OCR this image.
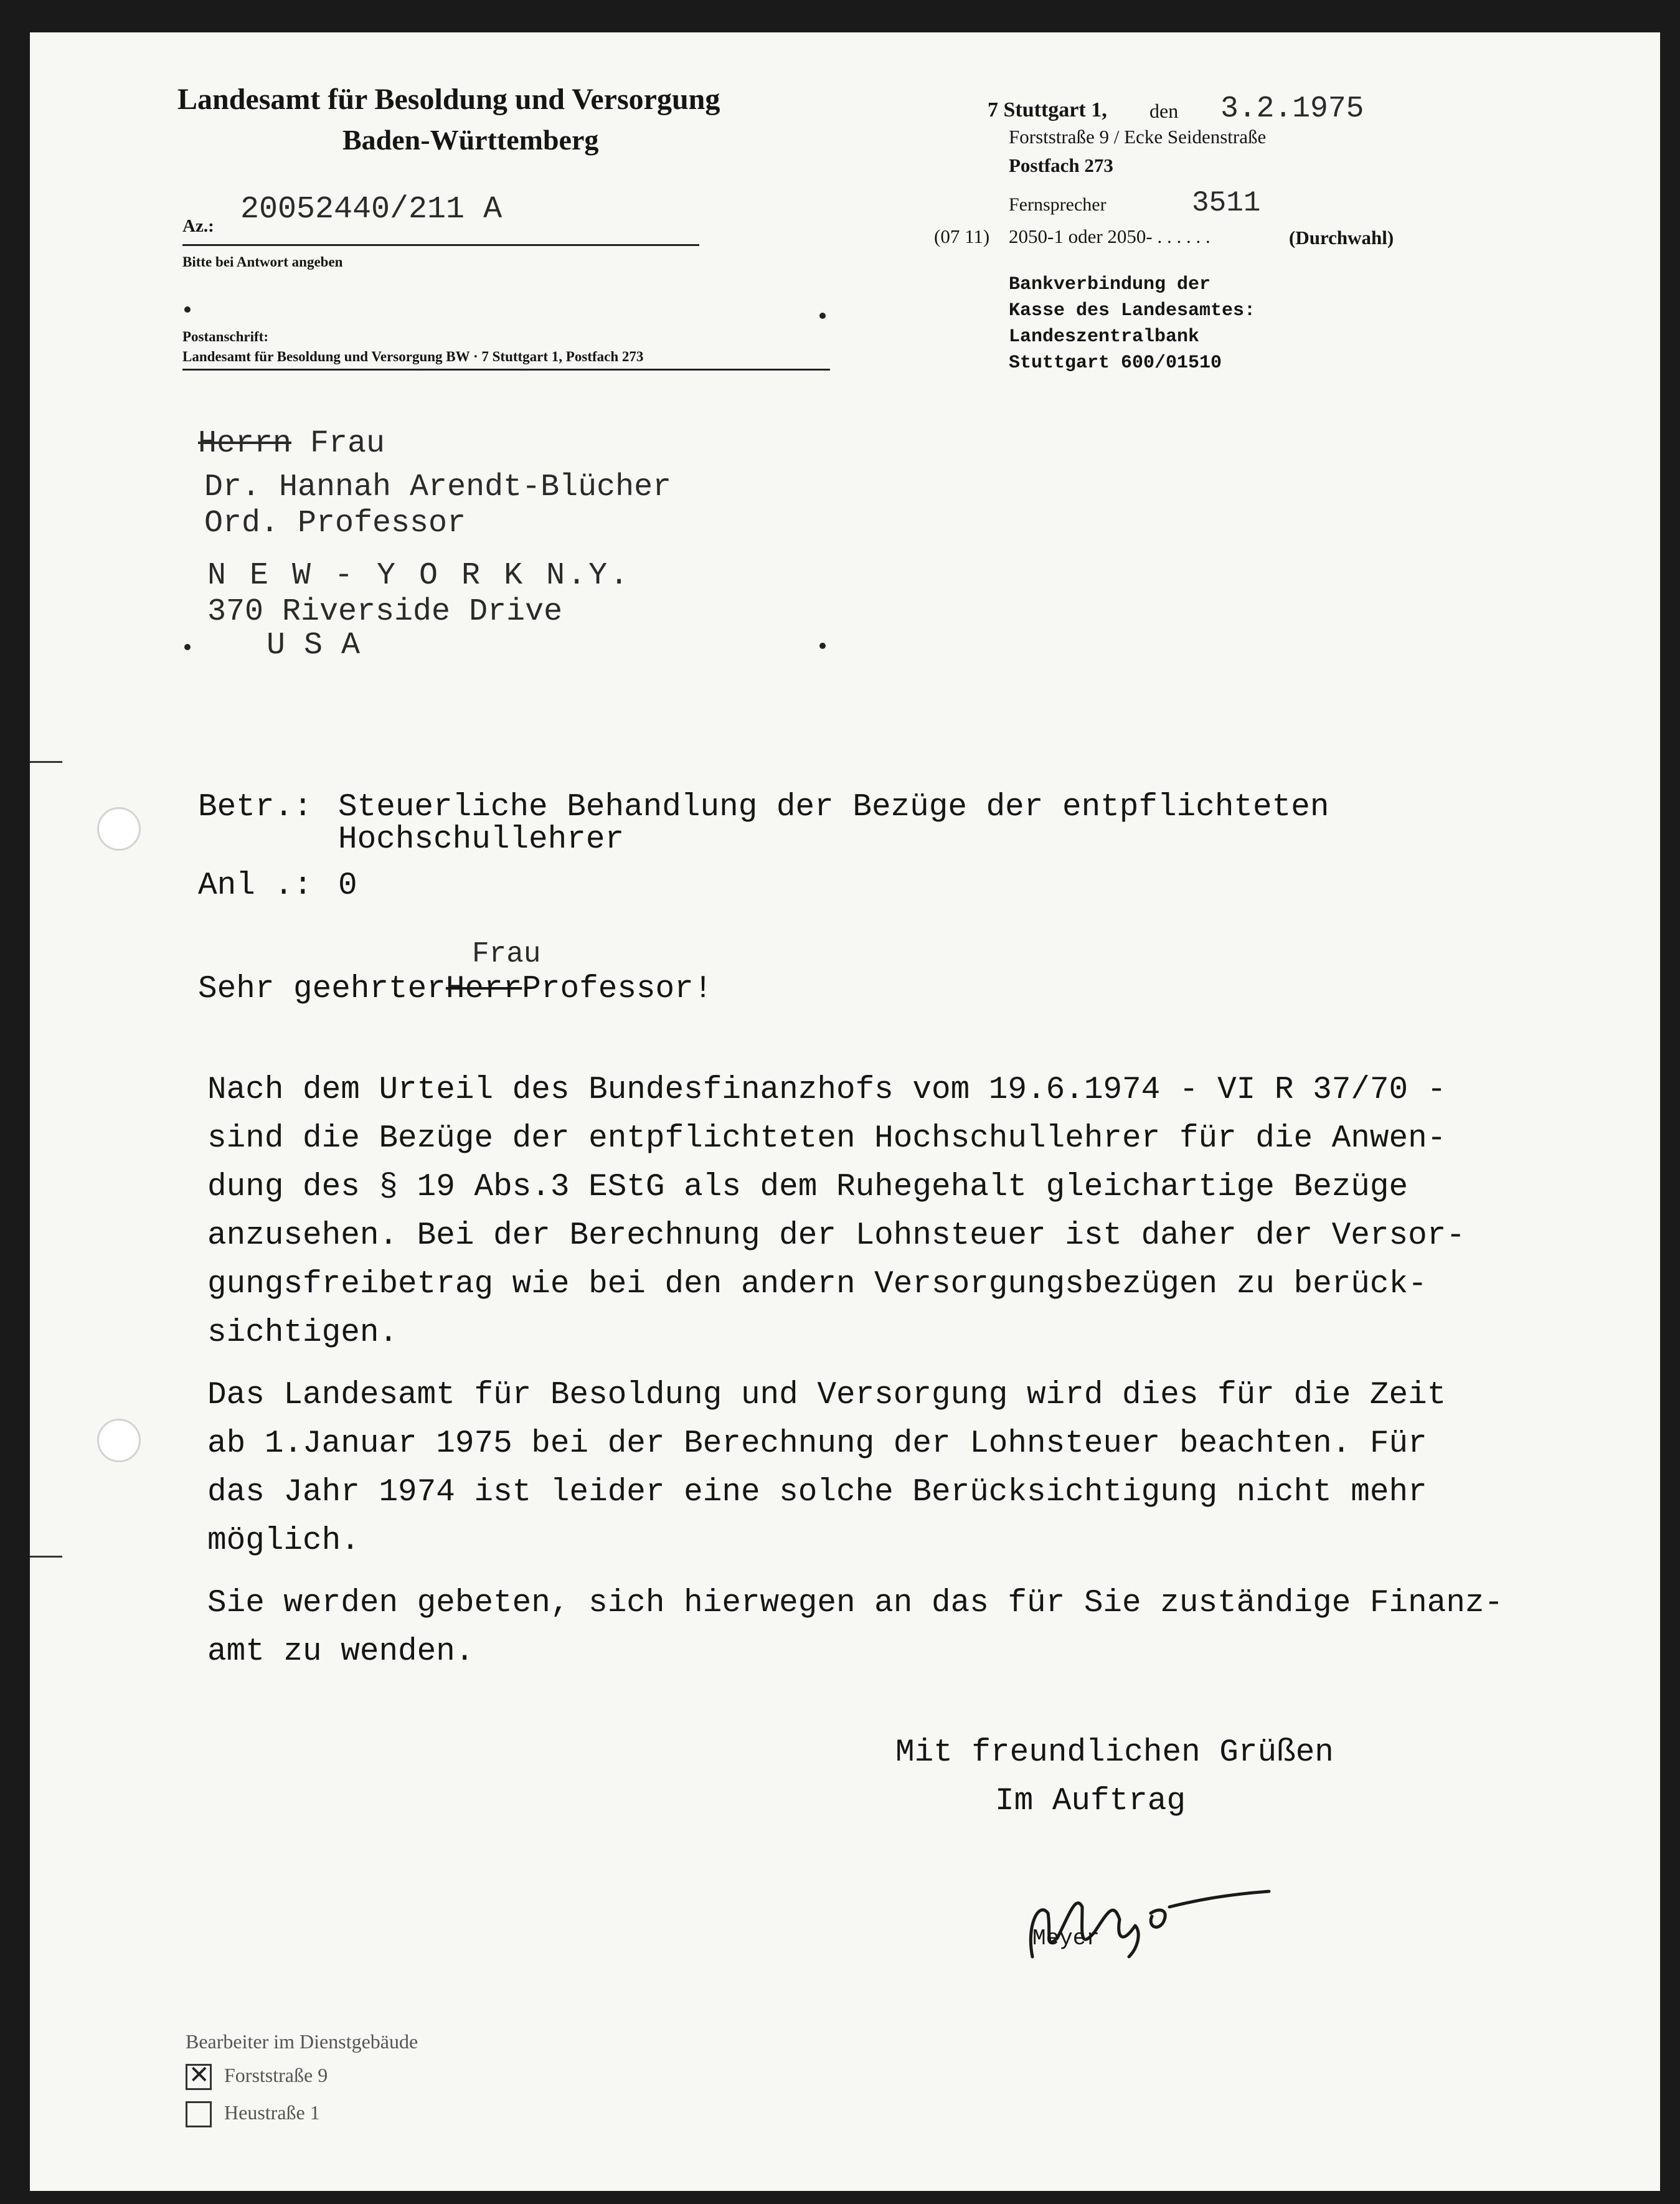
Landesamt für Besoldung und Versorgung
Baden-Württemberg
Az.: 20052440/211 A
Bitte bei Antwort angeben
Postanschrift:
Landesamt für Besoldung und Versorgung BW · 7 Stuttgart 1, Postfach 273
7 Stuttgart 1, den 3.2.1975
Forststraße 9 / Ecke Seidenstraße
Postfach 273
Fernsprecher	3511
(07 11) 2050-1 oder 2050- . . . . . .	(Durchwahl)
Bankverbindung der
Kasse des Landesamtes:
Landeszentralbank
Stuttgart 600/01510
Herrn Frau
Dr. Hannah Arendt-Blücher
Ord. Professor
N E W - Y O R K N.Y.
370 Riverside Drive
U S A
Betr.: Steuerliche Behandlung der Bezüge der entpflichteten
Hochschullehrer
Anl .: 0
Frau
Sehr geehrterHerrProfessor!
Nach dem Urteil des Bundesfinanzhofs vom 19.6.1974 - VI R 37/70 -
sind die Bezüge der entpflichteten Hochschullehrer für die Anwen-
dung des § 19 Abs.3 EStG als dem Ruhegehalt gleichartige Bezüge
anzusehen. Bei der Berechnung der Lohnsteuer ist daher der Versor-
gungsfreibetrag wie bei den andern Versorgungsbezügen zu berück-
sichtigen.
Das Landesamt für Besoldung und Versorgung wird dies für die Zeit
ab 1.Januar 1975 bei der Berechnung der Lohnsteuer beachten. Für
das Jahr 1974 ist leider eine solche Berücksichtigung nicht mehr
möglich.
Sie werden gebeten, sich hierwegen an das für Sie zuständige Finanz-
amt zu wenden.
Mit freundlichen Grüßen
Im Auftrag
Meyer
Bearbeiter im Dienstgebäude
✕ Forststraße 9
Heustraße 1
